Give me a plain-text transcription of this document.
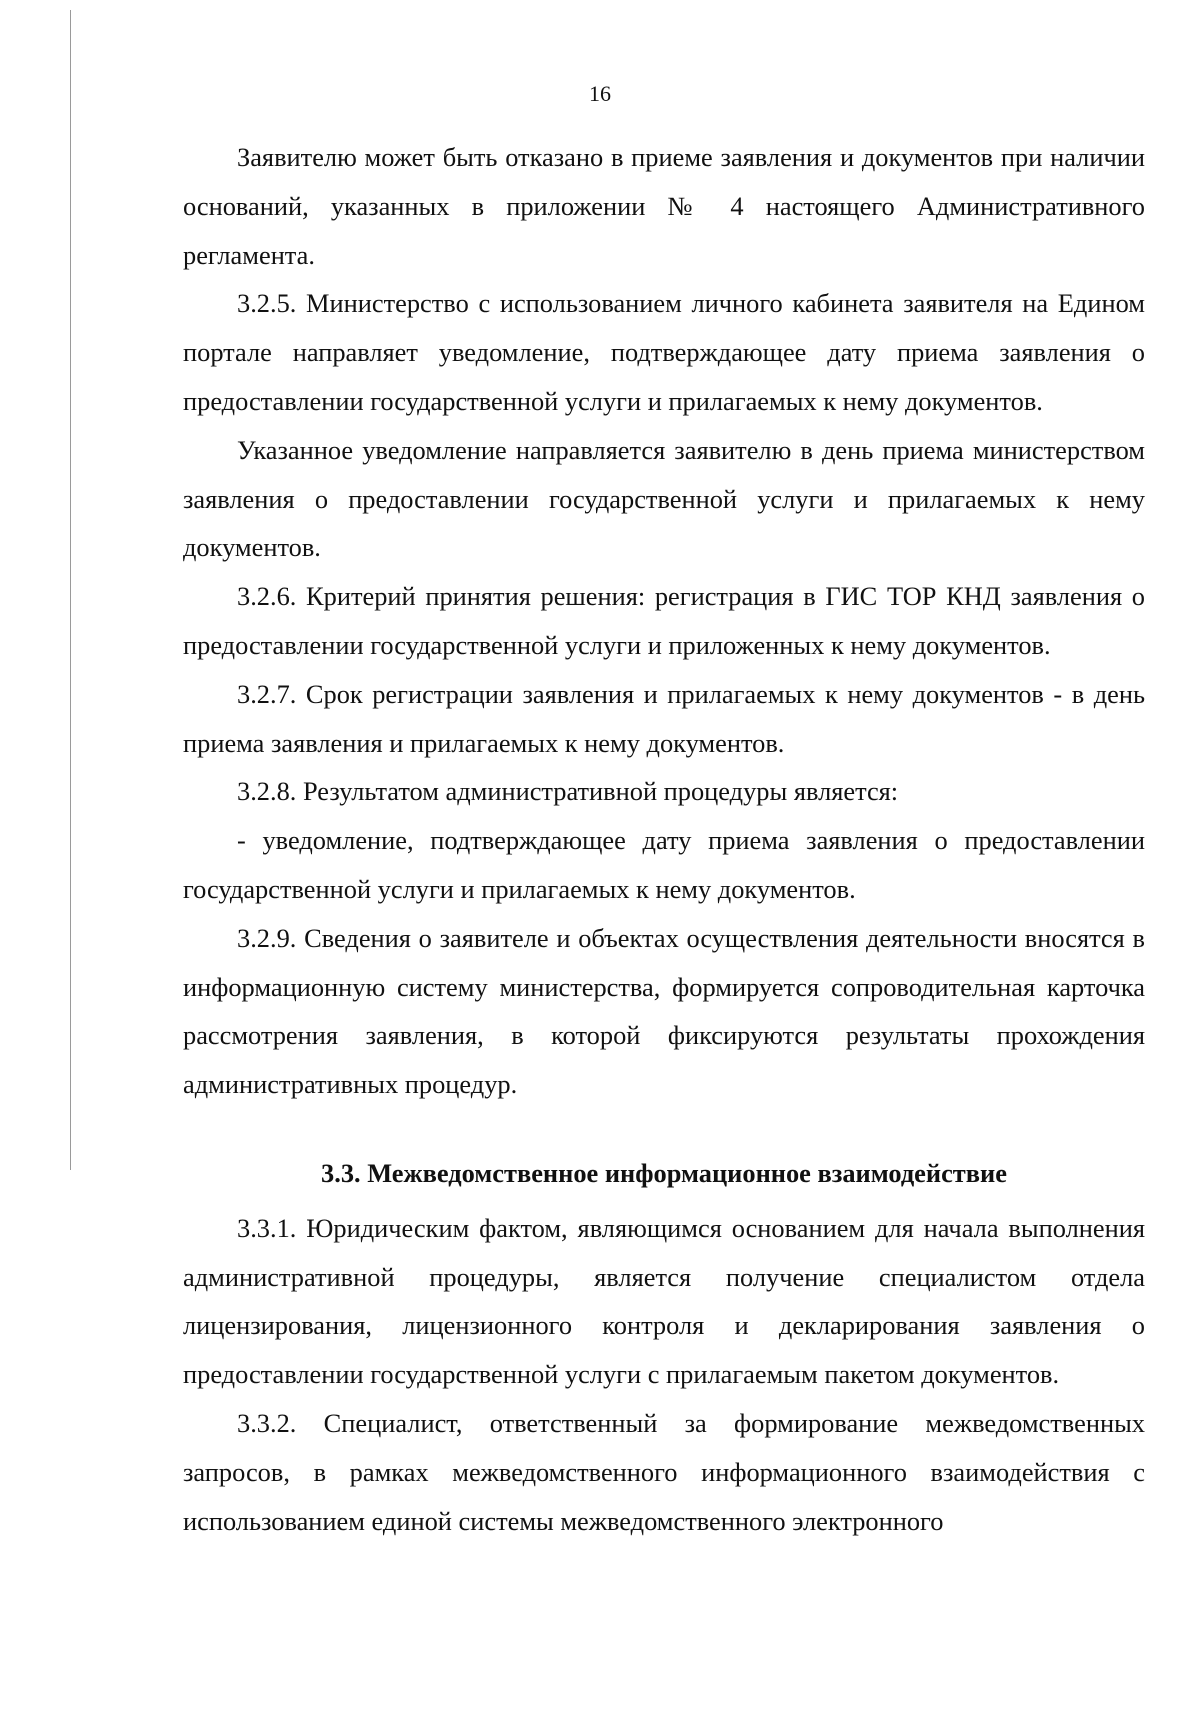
16

Заявителю может быть отказано в приеме заявления и документов при наличии оснований, указанных в приложении № 4 настоящего Административного регламента.

3.2.5. Министерство с использованием личного кабинета заявителя на Едином портале направляет уведомление, подтверждающее дату приема заявления о предоставлении государственной услуги и прилагаемых к нему документов.

Указанное уведомление направляется заявителю в день приема министерством заявления о предоставлении государственной услуги и прилагаемых к нему документов.

3.2.6. Критерий принятия решения: регистрация в ГИС ТОР КНД заявления о предоставлении государственной услуги и приложенных к нему документов.

3.2.7. Срок регистрации заявления и прилагаемых к нему документов - в день приема заявления и прилагаемых к нему документов.

3.2.8. Результатом административной процедуры является:

- уведомление, подтверждающее дату приема заявления о предоставлении государственной услуги и прилагаемых к нему документов.

3.2.9. Сведения о заявителе и объектах осуществления деятельности вносятся в информационную систему министерства, формируется сопроводительная карточка рассмотрения заявления, в которой фиксируются результаты прохождения административных процедур.

3.3. Межведомственное информационное взаимодействие

3.3.1. Юридическим фактом, являющимся основанием для начала выполнения административной процедуры, является получение специалистом отдела лицензирования, лицензионного контроля и декларирования заявления о предоставлении государственной услуги с прилагаемым пакетом документов.

3.3.2. Специалист, ответственный за формирование межведомственных запросов, в рамках межведомственного информационного взаимодействия с использованием единой системы межведомственного электронного
